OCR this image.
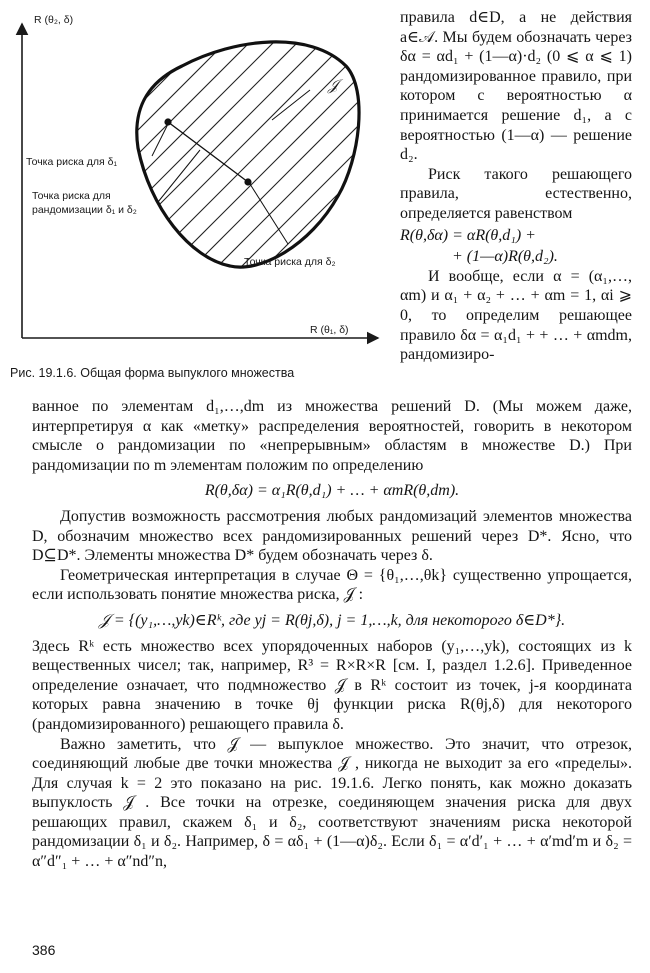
R (θ₂, δ)
R (θ₁, δ)
𝒥
Точка риска для δ₁
Точка риска для
рандомизации δ₁ и δ₂
Точка риска для δ₂
Рис. 19.1.6. Общая форма выпуклого множества

правила d∈D, а не действия a∈𝒜. Мы будем обозначать через δα = αd₁ + (1—α)·d₂ (0 ⩽ α ⩽ 1) рандомизированное правило, при котором с вероятностью α принимается решение d₁, а с вероятностью (1—α) — решение d₂.

Риск такого решающего правила, естественно, определяется равенством

R(θ,δα) = αR(θ,d₁) +

+ (1—α)R(θ,d₂).

И вообще, если α = (α₁,…, αm) и α₁ + α₂ + … + αm = 1, αi ⩾ 0, то определим решающее правило δα = α₁d₁ + + … + αmdm, рандомизиро-

ванное по элементам d₁,…,dm из множества решений D. (Мы можем даже, интерпретируя α как «метку» распределения вероятностей, говорить в некотором смысле о рандомизации по «непрерывным» областям в множестве D.) При рандомизации по m элементам положим по определению

R(θ,δα) = α₁R(θ,d₁) + … + αmR(θ,dm).

Допустив возможность рассмотрения любых рандомизаций элементов множества D, обозначим множество всех рандомизированных решений через D*. Ясно, что D⊆D*. Элементы множества D* будем обозначать через δ.

Геометрическая интерпретация в случае Θ = {θ₁,…,θk} существенно упрощается, если использовать понятие множества риска, 𝒥 :

𝒥 = {(y₁,…,yk)∈Rᵏ, где yj = R(θj,δ), j = 1,…,k, для некоторого δ∈D*}.

Здесь Rᵏ есть множество всех упорядоченных наборов (y₁,…,yk), состоящих из k вещественных чисел; так, например, R³ = R×R×R [см. I, раздел 1.2.6]. Приведенное определение означает, что подмножество 𝒥 в Rᵏ состоит из точек, j-я координата которых равна значению в точке θj функции риска R(θj,δ) для некоторого (рандомизированного) решающего правила δ.

Важно заметить, что 𝒥 — выпуклое множество. Это значит, что отрезок, соединяющий любые две точки множества 𝒥 , никогда не выходит за его «пределы». Для случая k = 2 это показано на рис. 19.1.6. Легко понять, как можно доказать выпуклость 𝒥 . Все точки на отрезке, соединяющем значения риска для двух решающих правил, скажем δ₁ и δ₂, соответствуют значениям риска некоторой рандомизации δ₁ и δ₂. Например, δ = αδ₁ + (1—α)δ₂. Если δ₁ = α′d′₁ + … + α′md′m и δ₂ = α″d″₁ + … + α″nd″n,

386
